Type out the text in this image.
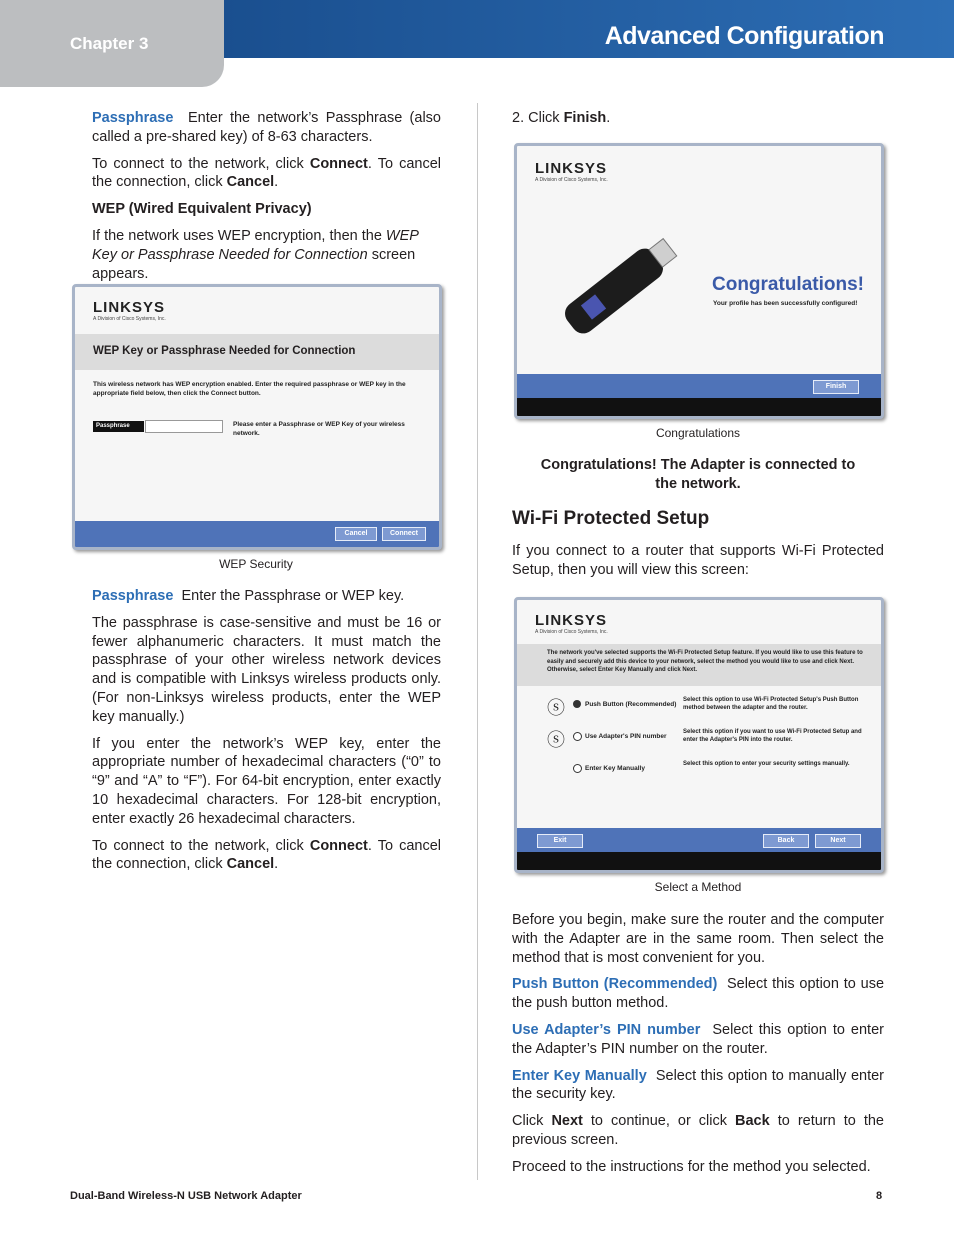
Chapter 3	Advanced Configuration

Passphrase Enter the network’s Passphrase (also called a pre-shared key) of 8-63 characters.

To connect to the network, click Connect. To cancel the connection, click Cancel.

WEP (Wired Equivalent Privacy)

If the network uses WEP encryption, then the WEP Key or Passphrase Needed for Connection screen appears.

LINKSYS
A Division of Cisco Systems, Inc.
WEP Key or Passphrase Needed for Connection
This wireless network has WEP encryption enabled. Enter the required passphrase or WEP key in the appropriate field below, then click the Connect button.
Passphrase	Please enter a Passphrase or WEP Key of your wireless network.
Cancel	Connect

WEP Security

Passphrase Enter the Passphrase or WEP key.

The passphrase is case-sensitive and must be 16 or fewer alphanumeric characters. It must match the passphrase of your other wireless network devices and is compatible with Linksys wireless products only. (For non-Linksys wireless products, enter the WEP key manually.)

If you enter the network’s WEP key, enter the appropriate number of hexadecimal characters (“0” to “9” and “A” to “F”). For 64-bit encryption, enter exactly 10 hexadecimal characters. For 128-bit encryption, enter exactly 26 hexadecimal characters.

To connect to the network, click Connect. To cancel the connection, click Cancel.

2. Click Finish.
LINKSYS
A Division of Cisco Systems, Inc.
Congratulations!
Your profile has been successfully configured!
Finish

Congratulations

Congratulations! The Adapter is connected to the network.

Wi-Fi Protected Setup

If you connect to a router that supports Wi-Fi Protected Setup, then you will view this screen:
LINKSYS
A Division of Cisco Systems, Inc.
The network you've selected supports the Wi-Fi Protected Setup feature. If you would like to use this feature to easily and securely add this device to your network, select the method you would like to use and click Next. Otherwise, select Enter Key Manually and click Next.
ⓢ	Push Button (Recommended)
Select this option to use Wi-Fi Protected Setup's Push Button method between the adapter and the router.
ⓢ	Use Adapter's PIN number
Select this option if you want to use Wi-Fi Protected Setup and enter the Adapter's PIN into the router.
Enter Key Manually
Select this option to enter your security settings manually.
Exit	Back	Next

Select a Method

Before you begin, make sure the router and the computer with the Adapter are in the same room. Then select the method that is most convenient for you.

Push Button (Recommended) Select this option to use the push button method.

Use Adapter’s PIN number Select this option to enter the Adapter’s PIN number on the router.

Enter Key Manually Select this option to manually enter the security key.

Click Next to continue, or click Back to return to the previous screen.

Proceed to the instructions for the method you selected.

Dual-Band Wireless-N USB Network Adapter	8
